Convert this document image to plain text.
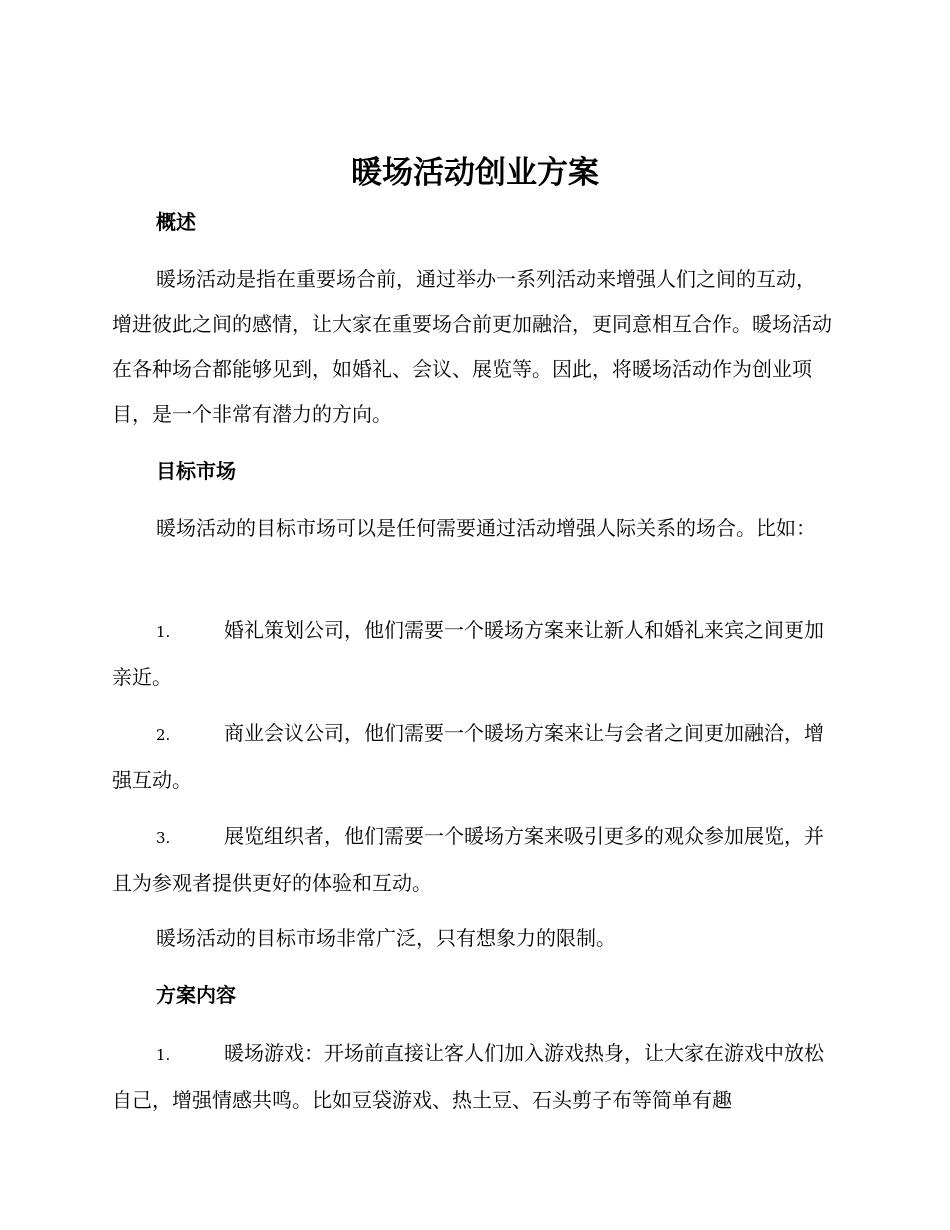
暖场活动创业方案
概述

暖场活动是指在重要场合前，通过举办一系列活动来增强人们之间的互动，增进彼此之间的感情，让大家在重要场合前更加融洽，更同意相互合作。暖场活动在各种场合都能够见到，如婚礼、会议、展览等。因此，将暖场活动作为创业项目，是一个非常有潜力的方向。

目标市场

暖场活动的目标市场可以是任何需要通过活动增强人际关系的场合。比如：

1.	婚礼策划公司，他们需要一个暖场方案来让新人和婚礼来宾之间更加亲近。

2.	商业会议公司，他们需要一个暖场方案来让与会者之间更加融洽，增强互动。

3.	展览组织者，他们需要一个暖场方案来吸引更多的观众参加展览，并且为参观者提供更好的体验和互动。

暖场活动的目标市场非常广泛，只有想象力的限制。

方案内容

1.	暖场游戏：开场前直接让客人们加入游戏热身，让大家在游戏中放松自己，增强情感共鸣。比如豆袋游戏、热土豆、石头剪子布等简单有趣
